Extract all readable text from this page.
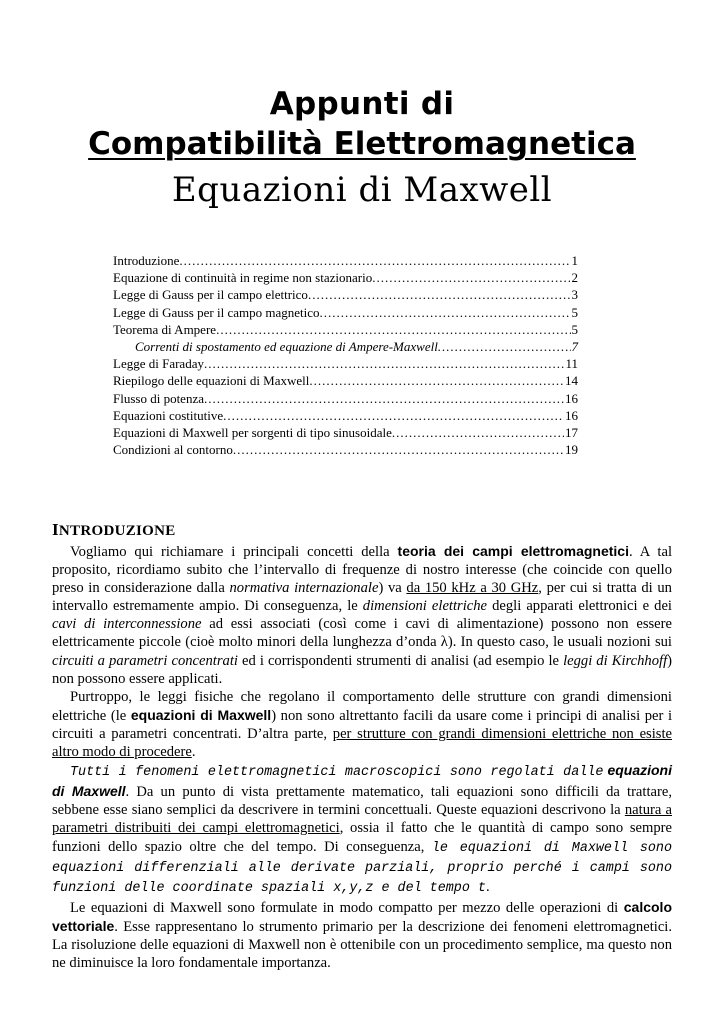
Appunti di
Compatibilità Elettromagnetica
Equazioni di Maxwell
Introduzione .....	1
Equazione di continuità in regime non stazionario .....	2
Legge di Gauss per il campo elettrico .....	3
Legge di Gauss per il campo magnetico .....	5
Teorema di Ampere .....	5
Correnti di spostamento ed equazione di Ampere-Maxwell .....	7
Legge di Faraday .....	11
Riepilogo delle equazioni di Maxwell .....	14
Flusso di potenza .....	16
Equazioni costitutive .....	16
Equazioni di Maxwell per sorgenti di tipo sinusoidale .....	17
Condizioni al contorno .....	19
INTRODUZIONE

Vogliamo qui richiamare i principali concetti della teoria dei campi elettromagnetici. A tal proposito, ricordiamo subito che l’intervallo di frequenze di nostro interesse (che coincide con quello preso in considerazione dalla normativa internazionale) va da 150 kHz a 30 GHz, per cui si tratta di un intervallo estremamente ampio. Di conseguenza, le dimensioni elettriche degli apparati elettronici e dei cavi di interconnessione ad essi associati (così come i cavi di alimentazione) possono non essere elettricamente piccole (cioè molto minori della lunghezza d’onda λ). In questo caso, le usuali nozioni sui circuiti a parametri concentrati ed i corrispondenti strumenti di analisi (ad esempio le leggi di Kirchhoff) non possono essere applicati.

Purtroppo, le leggi fisiche che regolano il comportamento delle strutture con grandi dimensioni elettriche (le equazioni di Maxwell) non sono altrettanto facili da usare come i principi di analisi per i circuiti a parametri concentrati. D’altra parte, per strutture con grandi dimensioni elettriche non esiste altro modo di procedere.

Tutti i fenomeni elettromagnetici macroscopici sono regolati dalle equazioni di Maxwell. Da un punto di vista prettamente matematico, tali equazioni sono difficili da trattare, sebbene esse siano semplici da descrivere in termini concettuali. Queste equazioni descrivono la natura a parametri distribuiti dei campi elettromagnetici, ossia il fatto che le quantità di campo sono sempre funzioni dello spazio oltre che del tempo. Di conseguenza, le equazioni di Maxwell sono equazioni differenziali alle derivate parziali, proprio perché i campi sono funzioni delle coordinate spaziali x,y,z e del tempo t.

Le equazioni di Maxwell sono formulate in modo compatto per mezzo delle operazioni di calcolo vettoriale. Esse rappresentano lo strumento primario per la descrizione dei fenomeni elettromagnetici. La risoluzione delle equazioni di Maxwell non è ottenibile con un procedimento semplice, ma questo non ne diminuisce la loro fondamentale importanza.
